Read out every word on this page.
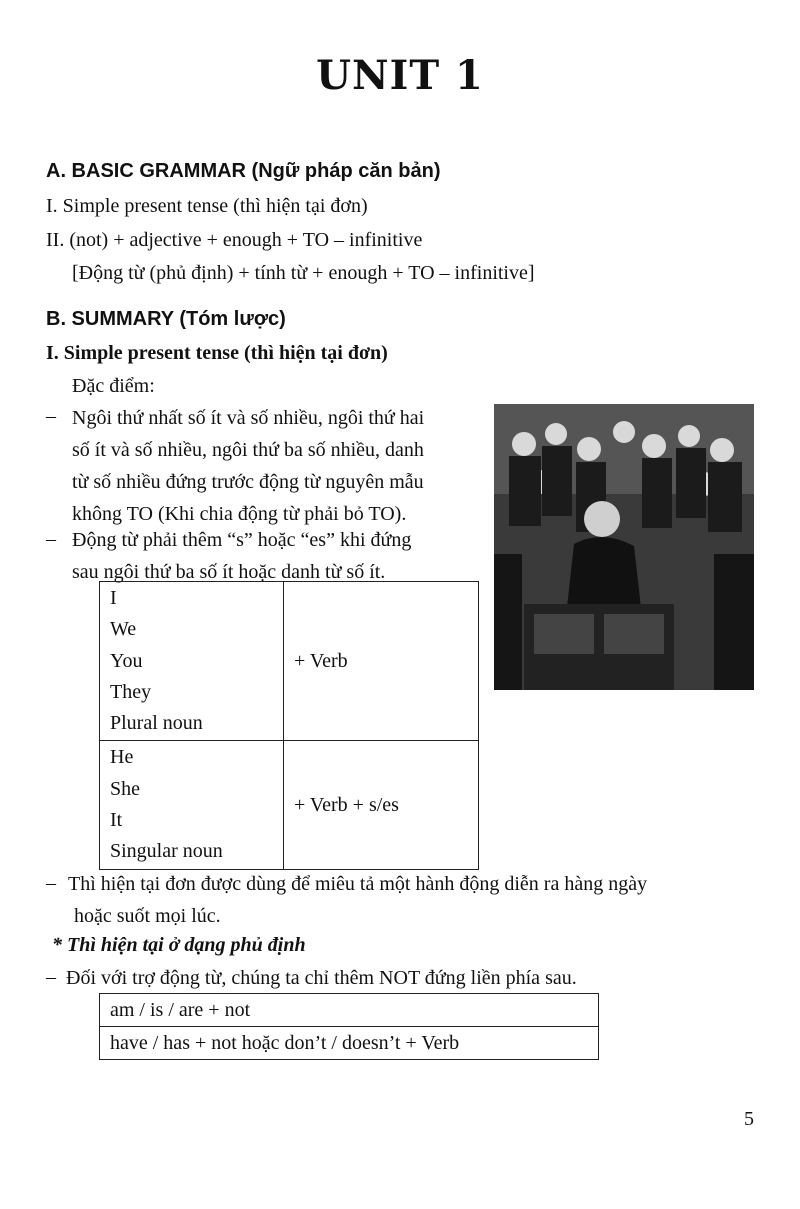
UNIT 1
A. BASIC GRAMMAR (Ngữ pháp căn bản)
I. Simple present tense (thì hiện tại đơn)
II. (not) + adjective + enough + TO – infinitive
[Động từ (phủ định) + tính từ + enough + TO – infinitive]
B. SUMMARY (Tóm lược)
I. Simple present tense (thì hiện tại đơn)
Đặc điểm:
– Ngôi thứ nhất số ít và số nhiều, ngôi thứ hai
số ít và số nhiều, ngôi thứ ba số nhiều, danh
từ số nhiều đứng trước động từ nguyên mẫu
không TO (Khi chia động từ phải bỏ TO).
– Động từ phải thêm “s” hoặc “es” khi đứng
sau ngôi thứ ba số ít hoặc danh từ số ít.
I
We
You
They
Plural noun	+ Verb

He
She
It
Singular noun	+ Verb + s/es
– Thì hiện tại đơn được dùng để miêu tả một hành động diễn ra hàng ngày
hoặc suốt mọi lúc.
* Thì hiện tại ở dạng phủ định
– Đối với trợ động từ, chúng ta chỉ thêm NOT đứng liền phía sau.
am / is / are + not
have / has + not hoặc don’t / doesn’t + Verb
5
